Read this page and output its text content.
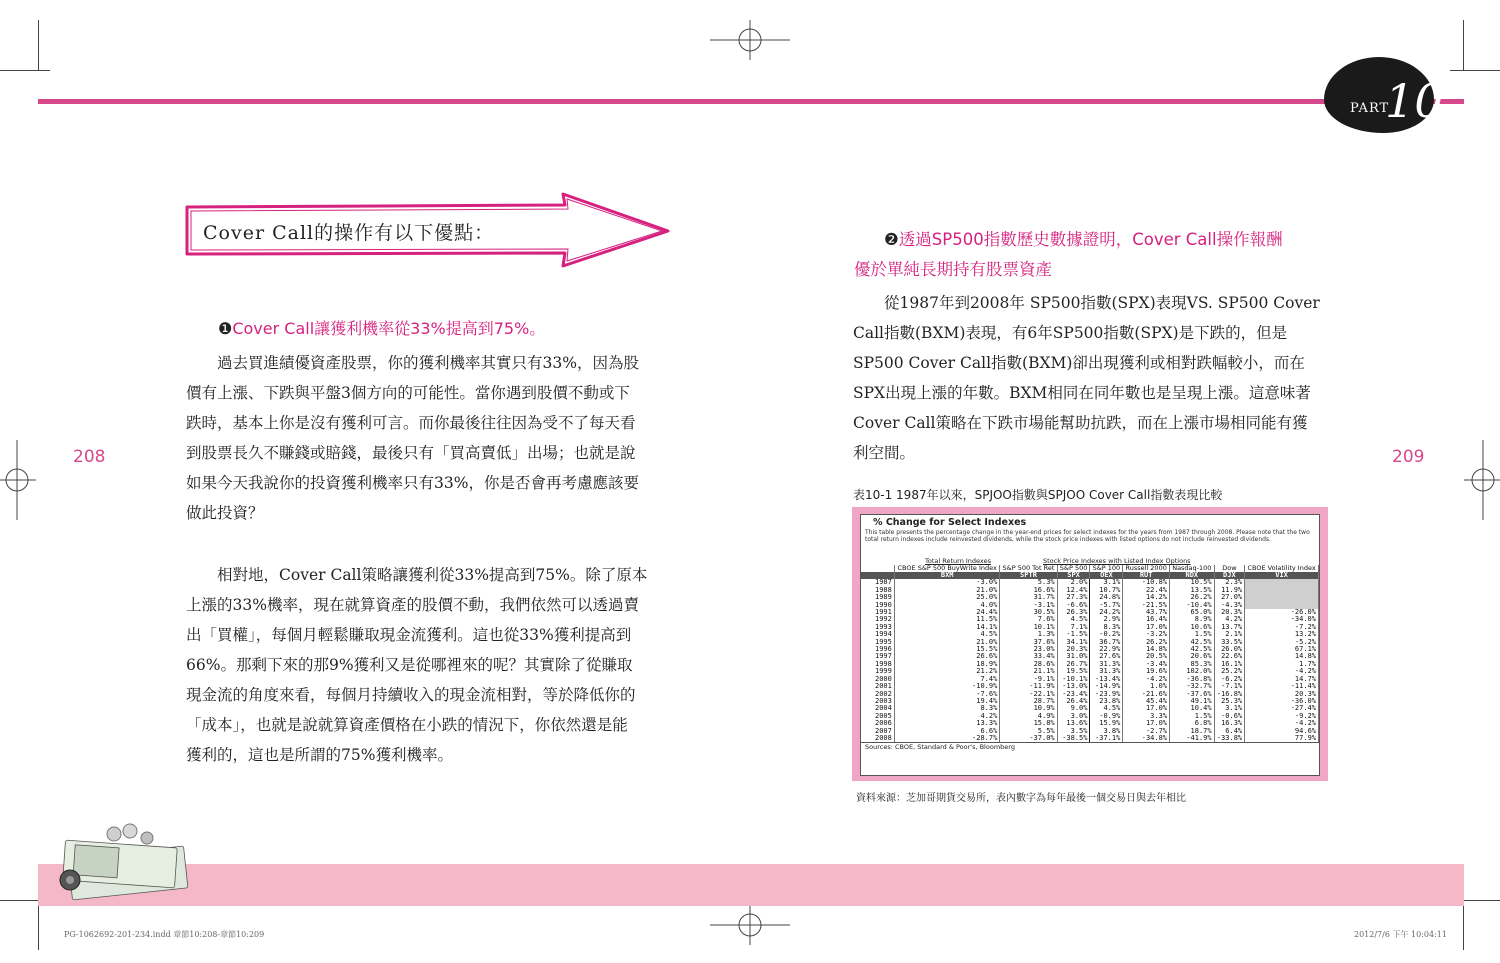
PART
10
208	209
Cover Call的操作有以下優點：
❶Cover Call讓獲利機率從33%提高到75%。
　　過去買進績優資產股票，你的獲利機率其實只有33%，因為股
價有上漲、下跌與平盤3個方向的可能性。當你遇到股價不動或下
跌時，基本上你是沒有獲利可言。而你最後往往因為受不了每天看
到股票長久不賺錢或賠錢，最後只有「買高賣低」出場；也就是說
如果今天我說你的投資獲利機率只有33%，你是否會再考慮應該要
做此投資？
　　相對地，Cover Call策略讓獲利從33%提高到75%。除了原本
上漲的33%機率，現在就算資產的股價不動，我們依然可以透過賣
出「買權」，每個月輕鬆賺取現金流獲利。這也從33%獲利提高到
66%。那剩下來的那9%獲利又是從哪裡來的呢？其實除了從賺取
現金流的角度來看，每個月持續收入的現金流相對，等於降低你的
「成本」，也就是說就算資產價格在小跌的情況下，你依然還是能
獲利的，這也是所謂的75%獲利機率。
❷透過SP500指數歷史數據證明，Cover Call操作報酬
優於單純長期持有股票資產
　　從1987年到2008年 SP500指數(SPX)表現VS. SP500 Cover
Call指數(BXM)表現，有6年SP500指數(SPX)是下跌的，但是
SP500 Cover Call指數(BXM)卻出現獲利或相對跌幅較小，而在
SPX出現上漲的年數。BXM相同在同年數也是呈現上漲。這意味著
Cover Call策略在下跌市場能幫助抗跌，而在上漲市場相同能有獲
利空間。
表10-1 1987年以來，SPJOO指數與SPJOO Cover Call指數表現比較
% Change for Select Indexes
This table presents the percentage change in the year-end prices for select indexes for the years from 1987 through 2008. Please note that the two total return indexes include reinvested dividends, while the stock price indexes with listed options do not include reinvested dividends.
Total Return Indexes	Stock Price Indexes with Listed Index Options
	CBOE S&P 500 BuyWrite Index	S&P 500 Tot Ret	S&P 500	S&P 100	Russell 2000	Nasdaq-100	Dow	CBOE Volatility Index
	BXM	SPTR	SPX	OEX	RUT	NDX	DJX	VIX
1987	-3.0%	5.3%	2.0%	3.1%	-10.8%	10.5%	2.3%	
1988	21.0%	16.6%	12.4%	10.7%	22.4%	13.5%	11.9%	
1989	25.0%	31.7%	27.3%	24.8%	14.2%	26.2%	27.0%	
1990	4.0%	-3.1%	-6.6%	-5.7%	-21.5%	-10.4%	-4.3%	
1991	24.4%	30.5%	26.3%	24.2%	43.7%	65.0%	20.3%	-26.0%
1992	11.5%	7.6%	4.5%	2.9%	16.4%	8.9%	4.2%	-34.0%
1993	14.1%	10.1%	7.1%	8.3%	17.0%	10.6%	13.7%	-7.2%
1994	4.5%	1.3%	-1.5%	-0.2%	-3.2%	1.5%	2.1%	13.2%
1995	21.0%	37.6%	34.1%	36.7%	26.2%	42.5%	33.5%	-5.2%
1996	15.5%	23.0%	20.3%	22.9%	14.8%	42.5%	26.0%	67.1%
1997	26.6%	33.4%	31.0%	27.6%	20.5%	20.6%	22.6%	14.8%
1998	18.9%	28.6%	26.7%	31.3%	-3.4%	85.3%	16.1%	1.7%
1999	21.2%	21.1%	19.5%	31.3%	19.6%	102.0%	25.2%	-4.2%
2000	7.4%	-9.1%	-10.1%	-13.4%	-4.2%	-36.8%	-6.2%	14.7%
2001	-10.9%	-11.9%	-13.0%	-14.9%	1.0%	-32.7%	-7.1%	-11.4%
2002	-7.6%	-22.1%	-23.4%	-23.9%	-21.6%	-37.6%	-16.8%	20.3%
2003	19.4%	28.7%	26.4%	23.8%	45.4%	49.1%	25.3%	-36.0%
2004	8.3%	10.9%	9.0%	4.5%	17.0%	10.4%	3.1%	-27.4%
2005	4.2%	4.9%	3.0%	-0.9%	3.3%	1.5%	-0.6%	-9.2%
2006	13.3%	15.8%	13.6%	15.9%	17.0%	6.8%	16.3%	-4.2%
2007	6.6%	5.5%	3.5%	3.8%	-2.7%	18.7%	6.4%	94.6%
2008	-28.7%	-37.0%	-38.5%	-37.1%	-34.8%	-41.9%	-33.8%	77.9%
Sources: CBOE, Standard & Poor's, Bloomberg
資料來源：芝加哥期貨交易所，表內數字為每年最後一個交易日與去年相比
PG-1062692-201-234.indd 章節10:208-章節10:209	2012/7/6 下午 10:04:11
